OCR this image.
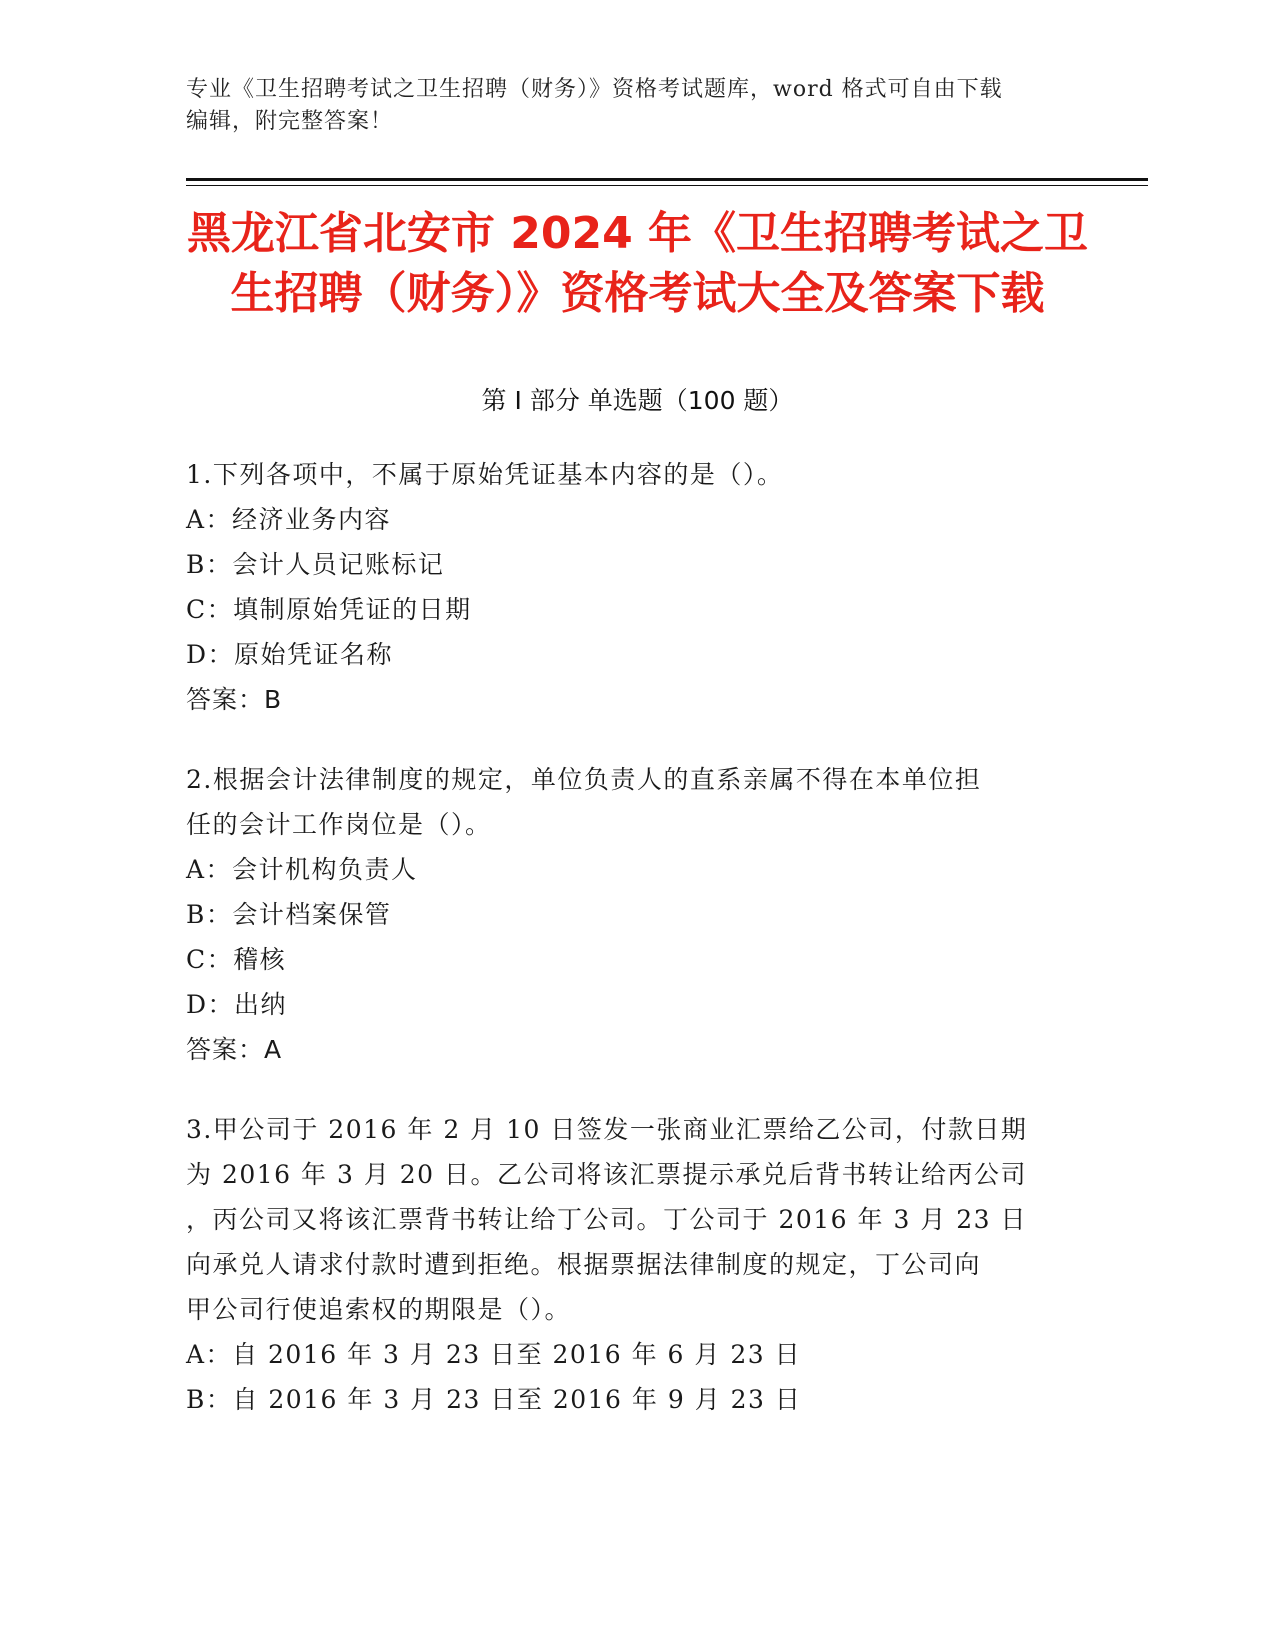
专业《卫生招聘考试之卫生招聘（财务）》资格考试题库，word 格式可自由下载
编辑，附完整答案！
黑龙江省北安市 2024 年《卫生招聘考试之卫
生招聘（财务）》资格考试大全及答案下载
第 I 部分 单选题（100 题）
1.下列各项中，不属于原始凭证基本内容的是（）。
A：经济业务内容
B：会计人员记账标记
C：填制原始凭证的日期
D：原始凭证名称
答案：B
2.根据会计法律制度的规定，单位负责人的直系亲属不得在本单位担
任的会计工作岗位是（）。
A：会计机构负责人
B：会计档案保管
C：稽核
D：出纳
答案：A
3.甲公司于 2016 年 2 月 10 日签发一张商业汇票给乙公司，付款日期
为 2016 年 3 月 20 日。乙公司将该汇票提示承兑后背书转让给丙公司
，丙公司又将该汇票背书转让给丁公司。丁公司于 2016 年 3 月 23 日
向承兑人请求付款时遭到拒绝。根据票据法律制度的规定，丁公司向
甲公司行使追索权的期限是（）。
A：自 2016 年 3 月 23 日至 2016 年 6 月 23 日
B：自 2016 年 3 月 23 日至 2016 年 9 月 23 日
